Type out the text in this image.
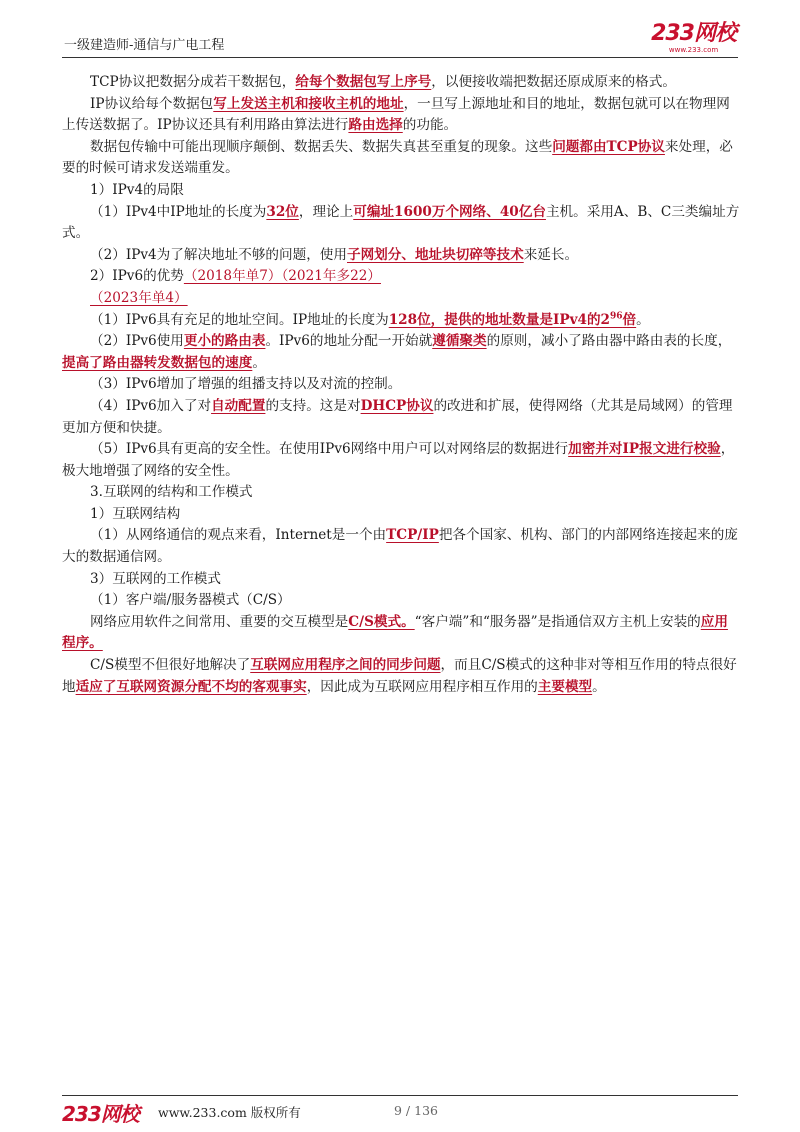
一级建造师-通信与广电工程	233网校
www.233.com

TCP协议把数据分成若干数据包，给每个数据包写上序号，以便接收端把数据还原成原来的格式。

IP协议给每个数据包写上发送主机和接收主机的地址，一旦写上源地址和目的地址，数据包就可以在物理网上传送数据了。IP协议还具有利用路由算法进行路由选择的功能。

数据包传输中可能出现顺序颠倒、数据丢失、数据失真甚至重复的现象。这些问题都由TCP协议来处理，必要的时候可请求发送端重发。

1）IPv4的局限

（1）IPv4中IP地址的长度为32位，理论上可编址1600万个网络、40亿台主机。采用A、B、C三类编址方式。

（2）IPv4为了解决地址不够的问题，使用子网划分、地址块切碎等技术来延长。

2）IPv6的优势（2018年单7）（2021年多22）

（2023年单4）

（1）IPv6具有充足的地址空间。IP地址的长度为128位，提供的地址数量是IPv4的$2^{96}$倍。

（2）IPv6使用更小的路由表。IPv6的地址分配一开始就遵循聚类的原则，减小了路由器中路由表的长度，提高了路由器转发数据包的速度。

（3）IPv6增加了增强的组播支持以及对流的控制。

（4）IPv6加入了对自动配置的支持。这是对DHCP协议的改进和扩展，使得网络（尤其是局域网）的管理更加方便和快捷。

（5）IPv6具有更高的安全性。在使用IPv6网络中用户可以对网络层的数据进行加密并对IP报文进行校验， 极大地增强了网络的安全性。

3.互联网的结构和工作模式

1）互联网结构

（1）从网络通信的观点来看，Internet是一个由TCP/IP把各个国家、机构、部门的内部网络连接起来的庞大的数据通信网。

3）互联网的工作模式

（1）客户端/服务器模式（C/S）

网络应用软件之间常用、重要的交互模型是C/S模式。“客户端”和“服务器”是指通信双方主机上安装的应用程序。

C/S模型不但很好地解决了互联网应用程序之间的同步问题，而且C/S模式的这种非对等相互作用的特点很好地适应了互联网资源分配不均的客观事实，因此成为互联网应用程序相互作用的主要模型。

233网校 www.233.com 版权所有	9 / 136
